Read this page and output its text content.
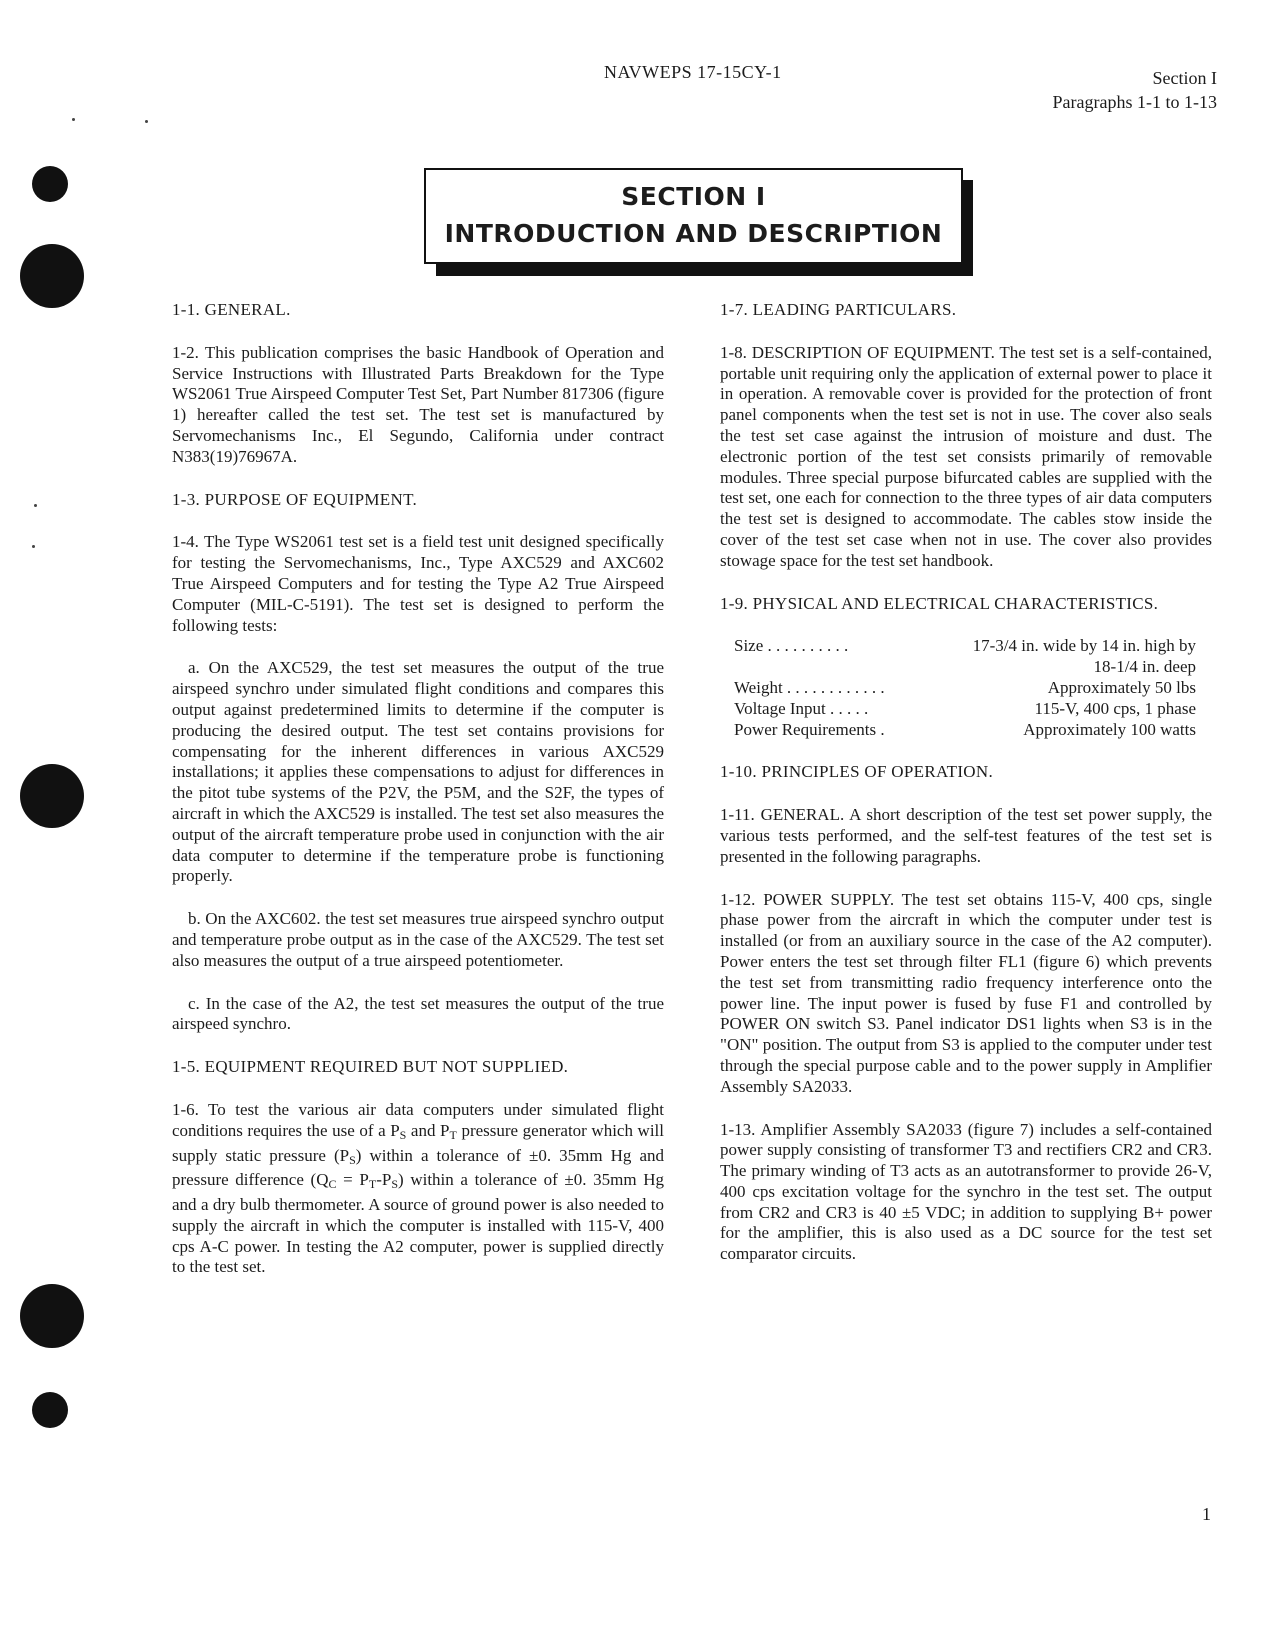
NAVWEPS 17-15CY-1	Section I
Paragraphs 1-1 to 1-13
SECTION I
INTRODUCTION AND DESCRIPTION
1-1. GENERAL.

1-2. This publication comprises the basic Handbook of Operation and Service Instructions with Illustrated Parts Breakdown for the Type WS2061 True Airspeed Computer Test Set, Part Number 817306 (figure 1) hereafter called the test set. The test set is manufactured by Servomechanisms Inc., El Segundo, California under contract N383(19)76967A.

1-3. PURPOSE OF EQUIPMENT.

1-4. The Type WS2061 test set is a field test unit designed specifically for testing the Servomechanisms, Inc., Type AXC529 and AXC602 True Airspeed Computers and for testing the Type A2 True Airspeed Computer (MIL-C-5191). The test set is designed to perform the following tests:

a. On the AXC529, the test set measures the output of the true airspeed synchro under simulated flight conditions and compares this output against predetermined limits to determine if the computer is producing the desired output. The test set contains provisions for compensating for the inherent differences in various AXC529 installations; it applies these compensations to adjust for differences in the pitot tube systems of the P2V, the P5M, and the S2F, the types of aircraft in which the AXC529 is installed. The test set also measures the output of the aircraft temperature probe used in conjunction with the air data computer to determine if the temperature probe is functioning properly.

b. On the AXC602. the test set measures true airspeed synchro output and temperature probe output as in the case of the AXC529. The test set also measures the output of a true airspeed potentiometer.

c. In the case of the A2, the test set measures the output of the true airspeed synchro.

1-5. EQUIPMENT REQUIRED BUT NOT SUPPLIED.

1-6. To test the various air data computers under simulated flight conditions requires the use of a $P_S$ and $P_T$ pressure generator which will supply static pressure $(P_S)$ within a tolerance of ±0. 35mm Hg and pressure difference $(Q_C = P_T-P_S)$ within a tolerance of ±0. 35mm Hg and a dry bulb thermometer. A source of ground power is also needed to supply the aircraft in which the computer is installed with 115-V, 400 cps A-C power. In testing the A2 computer, power is supplied directly to the test set.

1-7. LEADING PARTICULARS.

1-8. DESCRIPTION OF EQUIPMENT. The test set is a self-contained, portable unit requiring only the application of external power to place it in operation. A removable cover is provided for the protection of front panel components when the test set is not in use. The cover also seals the test set case against the intrusion of moisture and dust. The electronic portion of the test set consists primarily of removable modules. Three special purpose bifurcated cables are supplied with the test set, one each for connection to the three types of air data computers the test set is designed to accommodate. The cables stow inside the cover of the test set case when not in use. The cover also provides stowage space for the test set handbook.

1-9. PHYSICAL AND ELECTRICAL CHARACTERISTICS.
Size . . . . . . . . . .	17-3/4 in. wide by 14 in. high by 18-1/4 in. deep
Weight . . . . . . . . . . . .	Approximately 50 lbs
Voltage Input . . . . .	115-V, 400 cps, 1 phase
Power Requirements .	Approximately 100 watts
1-10. PRINCIPLES OF OPERATION.

1-11. GENERAL. A short description of the test set power supply, the various tests performed, and the self-test features of the test set is presented in the following paragraphs.

1-12. POWER SUPPLY. The test set obtains 115-V, 400 cps, single phase power from the aircraft in which the computer under test is installed (or from an auxiliary source in the case of the A2 computer). Power enters the test set through filter FL1 (figure 6) which prevents the test set from transmitting radio frequency interference onto the power line. The input power is fused by fuse F1 and controlled by POWER ON switch S3. Panel indicator DS1 lights when S3 is in the "ON" position. The output from S3 is applied to the computer under test through the special purpose cable and to the power supply in Amplifier Assembly SA2033.

1-13. Amplifier Assembly SA2033 (figure 7) includes a self-contained power supply consisting of transformer T3 and rectifiers CR2 and CR3. The primary winding of T3 acts as an autotransformer to provide 26-V, 400 cps excitation voltage for the synchro in the test set. The output from CR2 and CR3 is 40 ±5 VDC; in addition to supplying B+ power for the amplifier, this is also used as a DC source for the test set comparator circuits.

1
